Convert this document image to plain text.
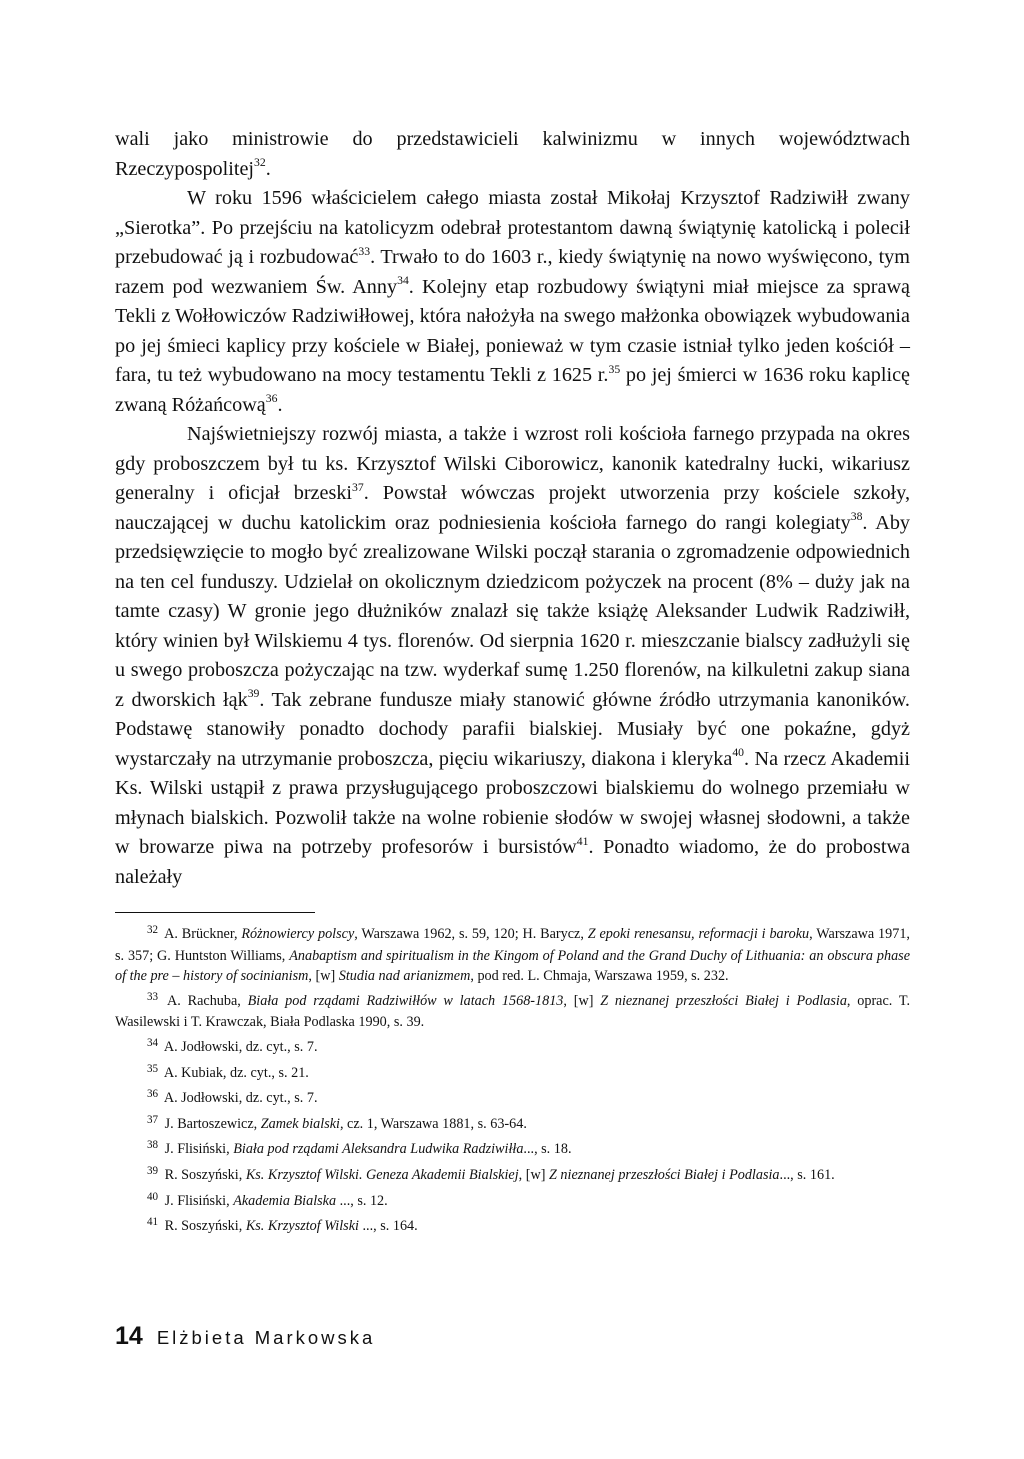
wali jako ministrowie do przedstawicieli kalwinizmu w innych województwach Rzeczypospolitej$^{32}$.

W roku 1596 właścicielem całego miasta został Mikołaj Krzysztof Radziwiłł zwany „Sierotka”. Po przejściu na katolicyzm odebrał protestantom dawną świątynię katolicką i polecił przebudować ją i rozbudować$^{33}$. Trwało to do 1603 r., kiedy świątynię na nowo wyświęcono, tym razem pod wezwaniem Św. Anny$^{34}$. Kolejny etap rozbudowy świątyni miał miejsce za sprawą Tekli z Wołłowiczów Radziwiłłowej, która nałożyła na swego małżonka obowiązek wybudowania po jej śmieci kaplicy przy kościele w Białej, ponieważ w tym czasie istniał tylko jeden kościół – fara, tu też wybudowano na mocy testamentu Tekli z 1625 r.$^{35}$ po jej śmierci w 1636 roku kaplicę zwaną Różańcową$^{36}$.

Najświetniejszy rozwój miasta, a także i wzrost roli kościoła farnego przypada na okres gdy proboszczem był tu ks. Krzysztof Wilski Ciborowicz, kanonik katedralny łucki, wikariusz generalny i oficjał brzeski$^{37}$. Powstał wówczas projekt utworzenia przy kościele szkoły, nauczającej w duchu katolickim oraz podniesienia kościoła farnego do rangi kolegiaty$^{38}$. Aby przedsięwzięcie to mogło być zrealizowane Wilski począł starania o zgromadzenie odpowiednich na ten cel funduszy. Udzielał on okolicznym dziedzicom pożyczek na procent (8% – duży jak na tamte czasy) W gronie jego dłużników znalazł się także książę Aleksander Ludwik Radziwiłł, który winien był Wilskiemu 4 tys. florenów. Od sierpnia 1620 r. mieszczanie bialscy zadłużyli się u swego proboszcza pożyczając na tzw. wyderkaf sumę 1.250 florenów, na kilkuletni zakup siana z dworskich łąk$^{39}$. Tak zebrane fundusze miały stanowić główne źródło utrzymania kanoników. Podstawę stanowiły ponadto dochody parafii bialskiej. Musiały być one pokaźne, gdyż wystarczały na utrzymanie proboszcza, pięciu wikariuszy, diakona i kleryka$^{40}$. Na rzecz Akademii Ks. Wilski ustąpił z prawa przysługującego proboszczowi bialskiemu do wolnego przemiału w młynach bialskich. Pozwolił także na wolne robienie słodów w swojej własnej słodowni, a także w browarze piwa na potrzeby profesorów i bursistów$^{41}$. Ponadto wiadomo, że do probostwa należały

$^{32}$ A. Brückner, Różnowiercy polscy, Warszawa 1962, s. 59, 120; H. Barycz, Z epoki renesansu, reformacji i baroku, Warszawa 1971, s. 357; G. Huntston Williams, Anabaptism and spiritualism in the Kingom of Poland and the Grand Duchy of Lithuania: an obscura phase of the pre – history of socinianism, [w] Studia nad arianizmem, pod red. L. Chmaja, Warszawa 1959, s. 232.

$^{33}$ A. Rachuba, Biała pod rządami Radziwiłłów w latach 1568-1813, [w] Z nieznanej przeszłości Białej i Podlasia, oprac. T. Wasilewski i T. Krawczak, Biała Podlaska 1990, s. 39.

$^{34}$ A. Jodłowski, dz. cyt., s. 7.

$^{35}$ A. Kubiak, dz. cyt., s. 21.

$^{36}$ A. Jodłowski, dz. cyt., s. 7.

$^{37}$ J. Bartoszewicz, Zamek bialski, cz. 1, Warszawa 1881, s. 63-64.

$^{38}$ J. Flisiński, Biała pod rządami Aleksandra Ludwika Radziwiłła..., s. 18.

$^{39}$ R. Soszyński, Ks. Krzysztof Wilski. Geneza Akademii Bialskiej, [w] Z nieznanej przeszłości Białej i Podlasia..., s. 161.

$^{40}$ J. Flisiński, Akademia Bialska ..., s. 12.

$^{41}$ R. Soszyński, Ks. Krzysztof Wilski ..., s. 164.

14 Elżbieta Markowska
